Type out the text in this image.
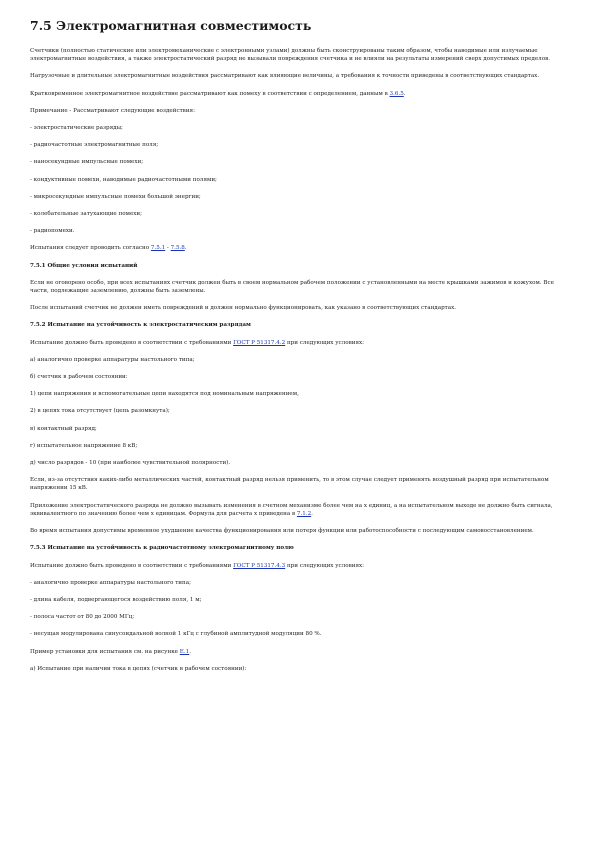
7.5 Электромагнитная совместимость

Счетчики (полностью статические или электромеханические с электронными узлами) должны быть сконструированы таким образом, чтобы наводимые или излучаемые электромагнитные воздействия, а также электростатический разряд не вызывали повреждения счетчика и не влияли на результаты измерений сверх допустимых пределов.

Нагрузочные и длительные электромагнитные воздействия рассматривают как влияющие величины, а требования к точности приведены в соответствующих стандартах.

Кратковременное электромагнитное воздействие рассматривают как помеху в соответствии с определением, данным в 3.6.5.

Примечание - Рассматривают следующие воздействия:

- электростатические разряды;

- радиочастотные электромагнитные поля;

- наносекундные импульсные помехи;

- кондуктивные помехи, наводимые радиочастотными полями;

- микросекундные импульсные помехи большой энергии;

- колебательные затухающие помехи;

- радиопомехи.

Испытания следует проводить согласно 7.5.1 - 7.5.8.

7.5.1 Общие условия испытаний

Если не оговорено особо, при всех испытаниях счетчик должен быть в своем нормальном рабочем положении с установленными на месте крышками зажимов и кожухом. Все части, подлежащие заземлению, должны быть заземлены.

После испытаний счетчик не должен иметь повреждений и должен нормально функционировать, как указано в соответствующих стандартах.

7.5.2 Испытание на устойчивость к электростатическим разрядам

Испытание должно быть проведено в соответствии с требованиями ГОСТ Р 51317.4.2 при следующих условиях:

а) аналогично проверке аппаратуры настольного типа;

б) счетчик в рабочем состоянии:

1) цепи напряжения и вспомогательные цепи находятся под номинальным напряжением,

2) в цепях тока отсутствует (цепь разомкнута);

в) контактный разряд;

г) испытательное напряжение 8 кВ;

д) число разрядов - 10 (при наиболее чувствительной полярности).

Если, из-за отсутствия каких-либо металлических частей, контактный разряд нельзя применить, то в этом случае следует применять воздушный разряд при испытательном напряжении 15 кВ.

Приложение электростатического разряда не должно вызывать изменения в счетном механизме более чем на x единиц, а на испытательном выходе не должно быть сигнала, эквивалентного по значению более чем x единицам. Формула для расчета x приведена в 7.1.2.

Во время испытания допустимы временное ухудшение качества функционирования или потеря функции или работоспособности с последующим самовосстановлением.

7.5.3 Испытание на устойчивость к радиочастотному электромагнитному полю

Испытание должно быть проведено в соответствии с требованиями ГОСТ Р 51317.4.3 при следующих условиях:

- аналогично проверке аппаратуры настольного типа;

- длина кабеля, подвергающегося воздействию поля, 1 м;

- полоса частот от 80 до 2000 МГц;

- несущая модулирована синусоидальной волной 1 кГц с глубиной амплитудной модуляции 80 %.

Пример установки для испытания см. на рисунке Е.1.

а) Испытание при наличии тока в цепях (счетчик в рабочем состоянии):
